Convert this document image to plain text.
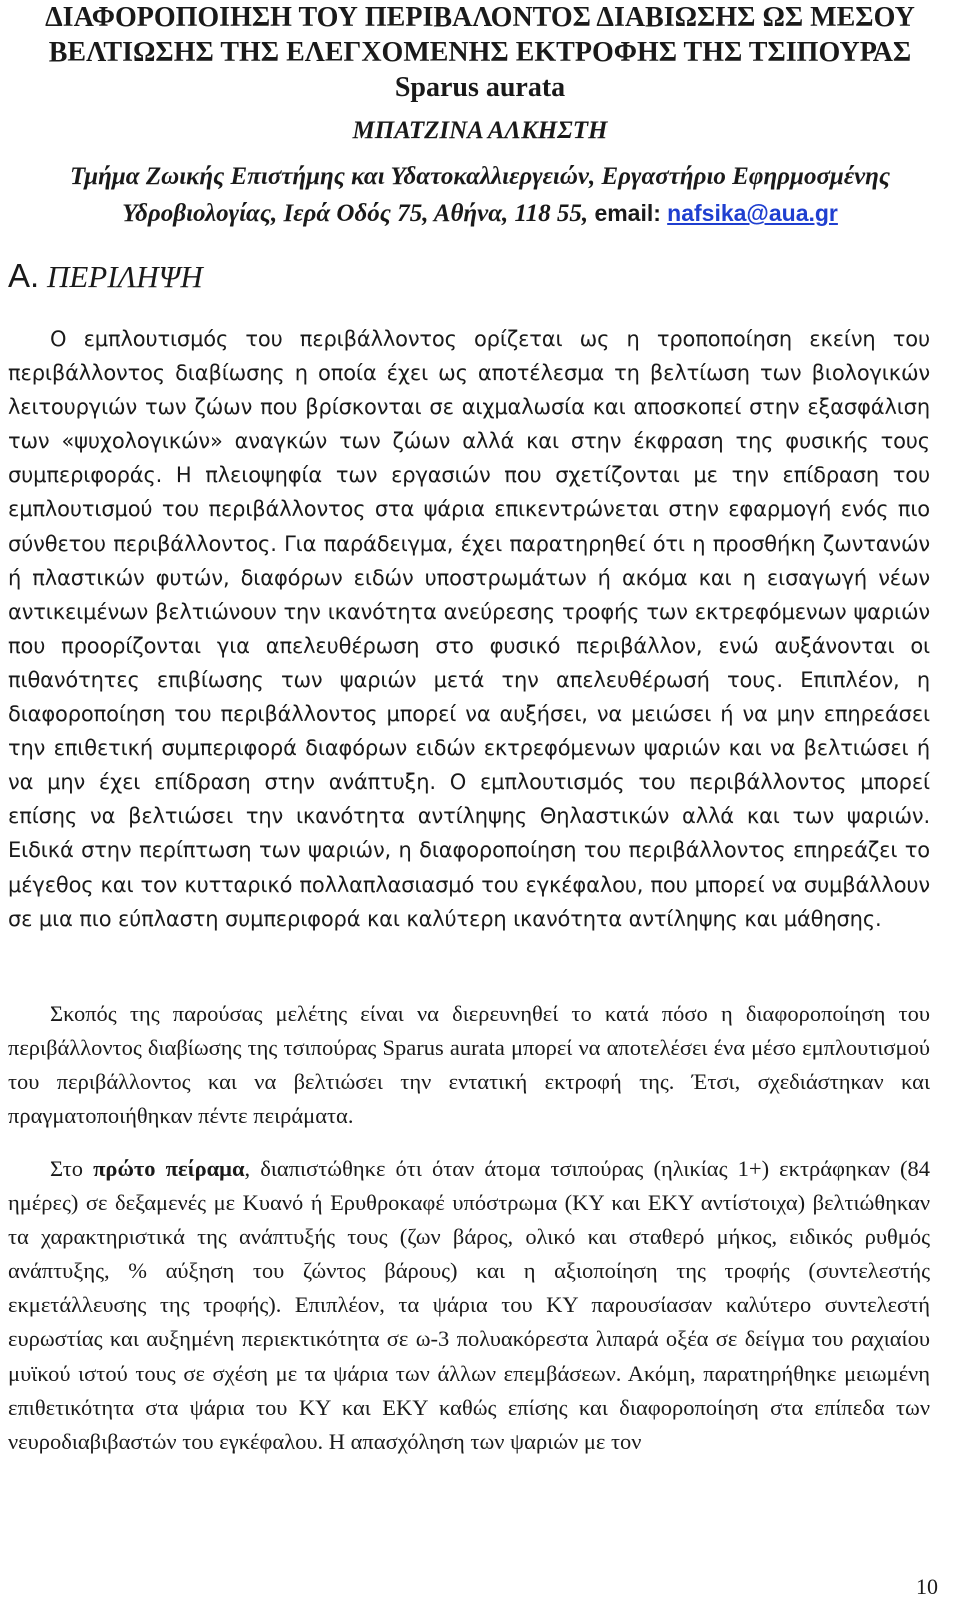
ΔΙΑΦΟΡΟΠΟΙΗΣΗ ΤΟΥ ΠΕΡΙΒΑΛΟΝΤΟΣ ΔΙΑΒΙΩΣΗΣ ΩΣ ΜΕΣΟΥ ΒΕΛΤΙΩΣΗΣ ΤΗΣ ΕΛΕΓΧΟΜΕΝΗΣ ΕΚΤΡΟΦΗΣ ΤΗΣ ΤΣΙΠΟΥΡΑΣ Sparus aurata
ΜΠΑΤΖΙΝΑ ΑΛΚΗΣΤΗ
Τμήμα Ζωικής Επιστήμης και Υδατοκαλλιεργειών, Εργαστήριο Εφηρμοσμένης Υδροβιολογίας, Ιερά Οδός 75, Αθήνα, 118 55, email: nafsika@aua.gr
A. ΠΕΡΙΛΗΨΗ

Ο εμπλουτισμός του περιβάλλοντος ορίζεται ως η τροποποίηση εκείνη του περιβάλλοντος διαβίωσης η οποία έχει ως αποτέλεσμα τη βελτίωση των βιολογικών λειτουργιών των ζώων που βρίσκονται σε αιχμαλωσία και αποσκοπεί στην εξασφάλιση των «ψυχολογικών» αναγκών των ζώων αλλά και στην έκφραση της φυσικής τους συμπεριφοράς. Η πλειοψηφία των εργασιών που σχετίζονται με την επίδραση του εμπλουτισμού του περιβάλλοντος στα ψάρια επικεντρώνεται στην εφαρμογή ενός πιο σύνθετου περιβάλλοντος. Για παράδειγμα, έχει παρατηρηθεί ότι η προσθήκη ζωντανών ή πλαστικών φυτών, διαφόρων ειδών υποστρωμάτων ή ακόμα και η εισαγωγή νέων αντικειμένων βελτιώνουν την ικανότητα ανεύρεσης τροφής των εκτρεφόμενων ψαριών που προορίζονται για απελευθέρωση στο φυσικό περιβάλλον, ενώ αυξάνονται οι πιθανότητες επιβίωσης των ψαριών μετά την απελευθέρωσή τους. Επιπλέον, η διαφοροποίηση του περιβάλλοντος μπορεί να αυξήσει, να μειώσει ή να μην επηρεάσει την επιθετική συμπεριφορά διαφόρων ειδών εκτρεφόμενων ψαριών και να βελτιώσει ή να μην έχει επίδραση στην ανάπτυξη. Ο εμπλουτισμός του περιβάλλοντος μπορεί επίσης να βελτιώσει την ικανότητα αντίληψης Θηλαστικών αλλά και των ψαριών. Ειδικά στην περίπτωση των ψαριών, η διαφοροποίηση του περιβάλλοντος επηρεάζει το μέγεθος και τον κυτταρικό πολλαπλασιασμό του εγκέφαλου, που μπορεί να συμβάλλουν σε μια πιο εύπλαστη συμπεριφορά και καλύτερη ικανότητα αντίληψης και μάθησης.

Σκοπός της παρούσας μελέτης είναι να διερευνηθεί το κατά πόσο η διαφοροποίηση του περιβάλλοντος διαβίωσης της τσιπούρας Sparus aurata μπορεί να αποτελέσει ένα μέσο εμπλουτισμού του περιβάλλοντος και να βελτιώσει την εντατική εκτροφή της. Έτσι, σχεδιάστηκαν και πραγματοποιήθηκαν πέντε πειράματα.

Στο πρώτο πείραμα, διαπιστώθηκε ότι όταν άτομα τσιπούρας (ηλικίας 1+) εκτράφηκαν (84 ημέρες) σε δεξαμενές με Κυανό ή Ερυθροκαφέ υπόστρωμα (ΚΥ και ΕΚΥ αντίστοιχα) βελτιώθηκαν τα χαρακτηριστικά της ανάπτυξής τους (ζων βάρος, ολικό και σταθερό μήκος, ειδικός ρυθμός ανάπτυξης, % αύξηση του ζώντος βάρους) και η αξιοποίηση της τροφής (συντελεστής εκμετάλλευσης της τροφής). Επιπλέον, τα ψάρια του ΚΥ παρουσίασαν καλύτερο συντελεστή ευρωστίας και αυξημένη περιεκτικότητα σε ω-3 πολυακόρεστα λιπαρά οξέα σε δείγμα του ραχιαίου μυϊκού ιστού τους σε σχέση με τα ψάρια των άλλων επεμβάσεων. Ακόμη, παρατηρήθηκε μειωμένη επιθετικότητα στα ψάρια του ΚΥ και ΕΚΥ καθώς επίσης και διαφοροποίηση στα επίπεδα των νευροδιαβιβαστών του εγκέφαλου. Η απασχόληση των ψαριών με τον

10
